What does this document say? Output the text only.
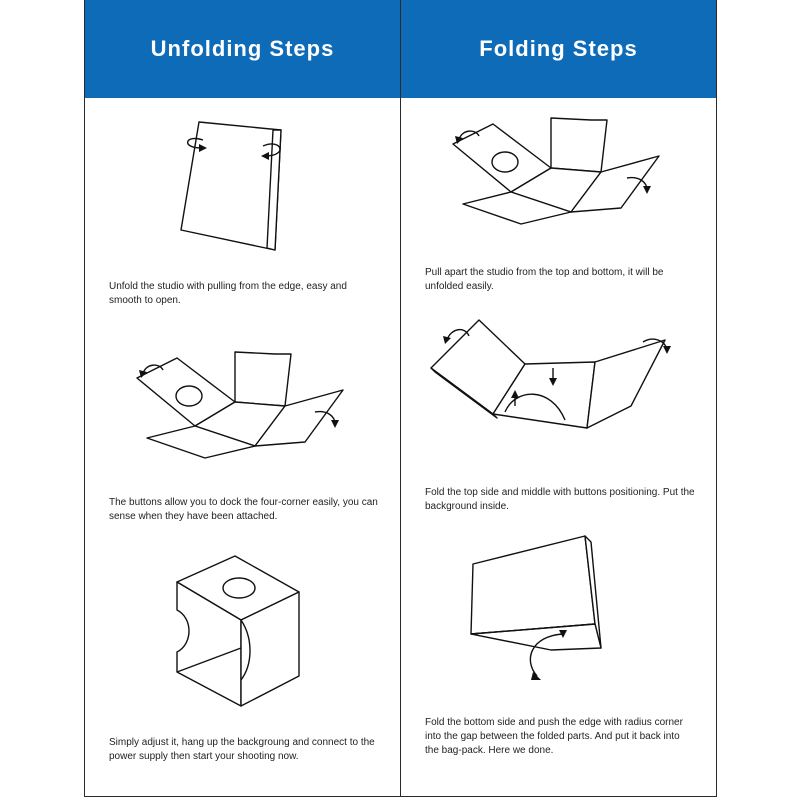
Unfolding Steps
Unfold the studio with pulling from the edge, easy and smooth to open.
The buttons allow you to dock the four-corner easily, you can sense when they have been attached.
Simply adjust it, hang up the backgroung and connect to the power supply then start your shooting now.
Folding Steps
Pull apart the studio from the top and bottom, it will be unfolded easily.
Fold the top side and middle with buttons positioning. Put the background inside.
Fold the bottom side and push the edge with radius corner into the gap between the folded parts. And put it back into the bag-pack. Here we done.
